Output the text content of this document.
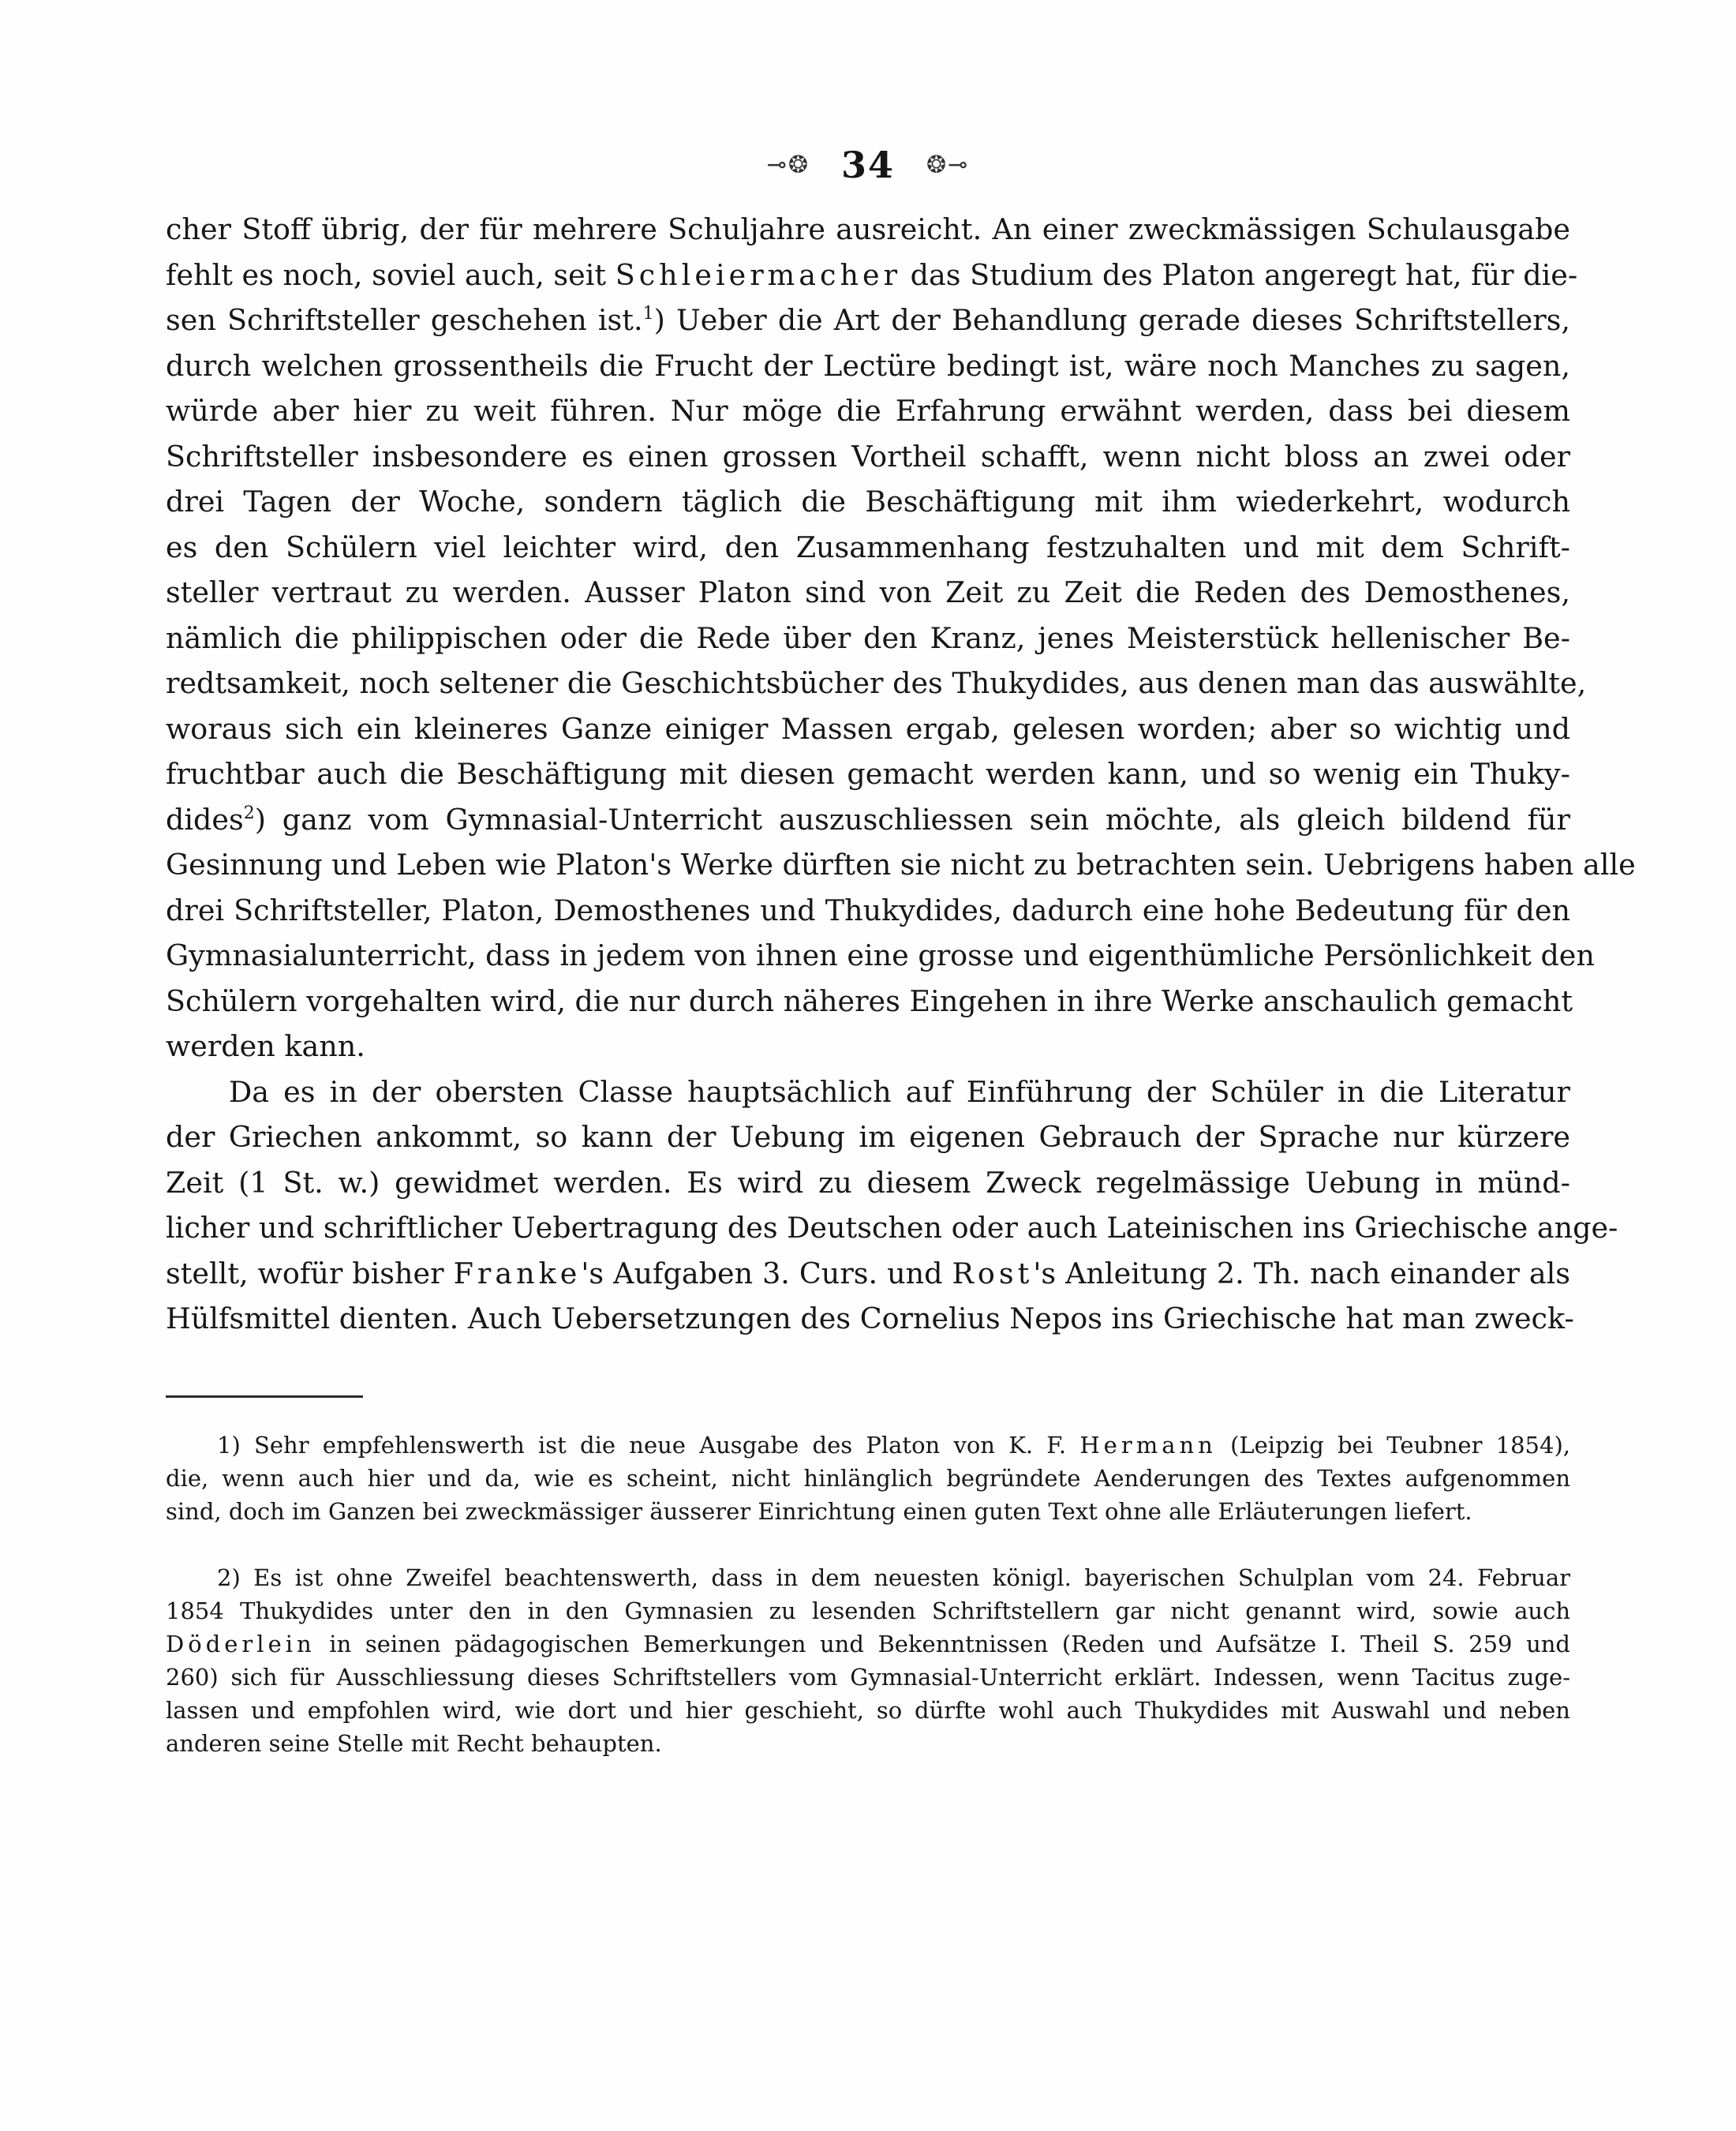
⊸❂ 34 ❂⊸
cher Stoff übrig, der für mehrere Schuljahre ausreicht. An einer zweckmässigen Schulausgabe
fehlt es noch, soviel auch, seit Schleiermacher das Studium des Platon angeregt hat, für die-
sen Schriftsteller geschehen ist.$^1$) Ueber die Art der Behandlung gerade dieses Schriftstellers,
durch welchen grossentheils die Frucht der Lectüre bedingt ist, wäre noch Manches zu sagen,
würde aber hier zu weit führen. Nur möge die Erfahrung erwähnt werden, dass bei diesem
Schriftsteller insbesondere es einen grossen Vortheil schafft, wenn nicht bloss an zwei oder
drei Tagen der Woche, sondern täglich die Beschäftigung mit ihm wiederkehrt, wodurch
es den Schülern viel leichter wird, den Zusammenhang festzuhalten und mit dem Schrift-
steller vertraut zu werden. Ausser Platon sind von Zeit zu Zeit die Reden des Demosthenes,
nämlich die philippischen oder die Rede über den Kranz, jenes Meisterstück hellenischer Be-
redtsamkeit, noch seltener die Geschichtsbücher des Thukydides, aus denen man das auswählte,
woraus sich ein kleineres Ganze einiger Massen ergab, gelesen worden; aber so wichtig und
fruchtbar auch die Beschäftigung mit diesen gemacht werden kann, und so wenig ein Thuky-
dides$^2$) ganz vom Gymnasial-Unterricht auszuschliessen sein möchte, als gleich bildend für
Gesinnung und Leben wie Platon's Werke dürften sie nicht zu betrachten sein. Uebrigens haben alle
drei Schriftsteller, Platon, Demosthenes und Thukydides, dadurch eine hohe Bedeutung für den
Gymnasialunterricht, dass in jedem von ihnen eine grosse und eigenthümliche Persönlichkeit den
Schülern vorgehalten wird, die nur durch näheres Eingehen in ihre Werke anschaulich gemacht
werden kann.
Da es in der obersten Classe hauptsächlich auf Einführung der Schüler in die Literatur
der Griechen ankommt, so kann der Uebung im eigenen Gebrauch der Sprache nur kürzere
Zeit (1 St. w.) gewidmet werden. Es wird zu diesem Zweck regelmässige Uebung in münd-
licher und schriftlicher Uebertragung des Deutschen oder auch Lateinischen ins Griechische ange-
stellt, wofür bisher Franke's Aufgaben 3. Curs. und Rost's Anleitung 2. Th. nach einander als
Hülfsmittel dienten. Auch Uebersetzungen des Cornelius Nepos ins Griechische hat man zweck-
1) Sehr empfehlenswerth ist die neue Ausgabe des Platon von K. F. Hermann (Leipzig bei Teubner 1854),
die, wenn auch hier und da, wie es scheint, nicht hinlänglich begründete Aenderungen des Textes aufgenommen
sind, doch im Ganzen bei zweckmässiger äusserer Einrichtung einen guten Text ohne alle Erläuterungen liefert.
2) Es ist ohne Zweifel beachtenswerth, dass in dem neuesten königl. bayerischen Schulplan vom 24. Februar
1854 Thukydides unter den in den Gymnasien zu lesenden Schriftstellern gar nicht genannt wird, sowie auch
Döderlein in seinen pädagogischen Bemerkungen und Bekenntnissen (Reden und Aufsätze I. Theil S. 259 und
260) sich für Ausschliessung dieses Schriftstellers vom Gymnasial-Unterricht erklärt. Indessen, wenn Tacitus zuge-
lassen und empfohlen wird, wie dort und hier geschieht, so dürfte wohl auch Thukydides mit Auswahl und neben
anderen seine Stelle mit Recht behaupten.
